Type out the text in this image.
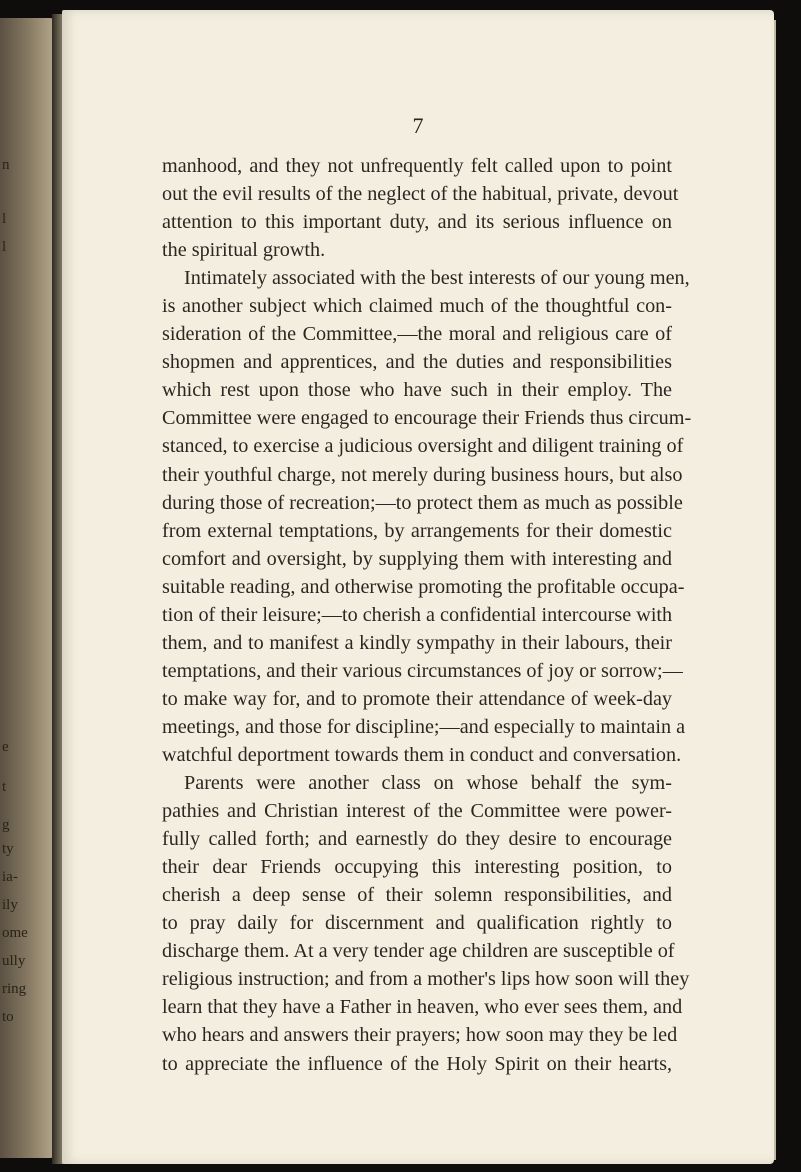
n
l
l
e
t
g
ty
ia-
ily
ome
ully
ring
to
7
manhood, and they not unfrequently felt called upon to point
out the evil results of the neglect of the habitual, private, devout
attention to this important duty, and its serious influence on
the spiritual growth.
Intimately associated with the best interests of our young men,
is another subject which claimed much of the thoughtful con-
sideration of the Committee,—the moral and religious care of
shopmen and apprentices, and the duties and responsibilities
which rest upon those who have such in their employ. The
Committee were engaged to encourage their Friends thus circum-
stanced, to exercise a judicious oversight and diligent training of
their youthful charge, not merely during business hours, but also
during those of recreation;—to protect them as much as possible
from external temptations, by arrangements for their domestic
comfort and oversight, by supplying them with interesting and
suitable reading, and otherwise promoting the profitable occupa-
tion of their leisure;—to cherish a confidential intercourse with
them, and to manifest a kindly sympathy in their labours, their
temptations, and their various circumstances of joy or sorrow;—
to make way for, and to promote their attendance of week-day
meetings, and those for discipline;—and especially to maintain a
watchful deportment towards them in conduct and conversation.
Parents were another class on whose behalf the sym-
pathies and Christian interest of the Committee were power-
fully called forth; and earnestly do they desire to encourage
their dear Friends occupying this interesting position, to
cherish a deep sense of their solemn responsibilities, and
to pray daily for discernment and qualification rightly to
discharge them. At a very tender age children are susceptible of
religious instruction; and from a mother's lips how soon will they
learn that they have a Father in heaven, who ever sees them, and
who hears and answers their prayers; how soon may they be led
to appreciate the influence of the Holy Spirit on their hearts,
